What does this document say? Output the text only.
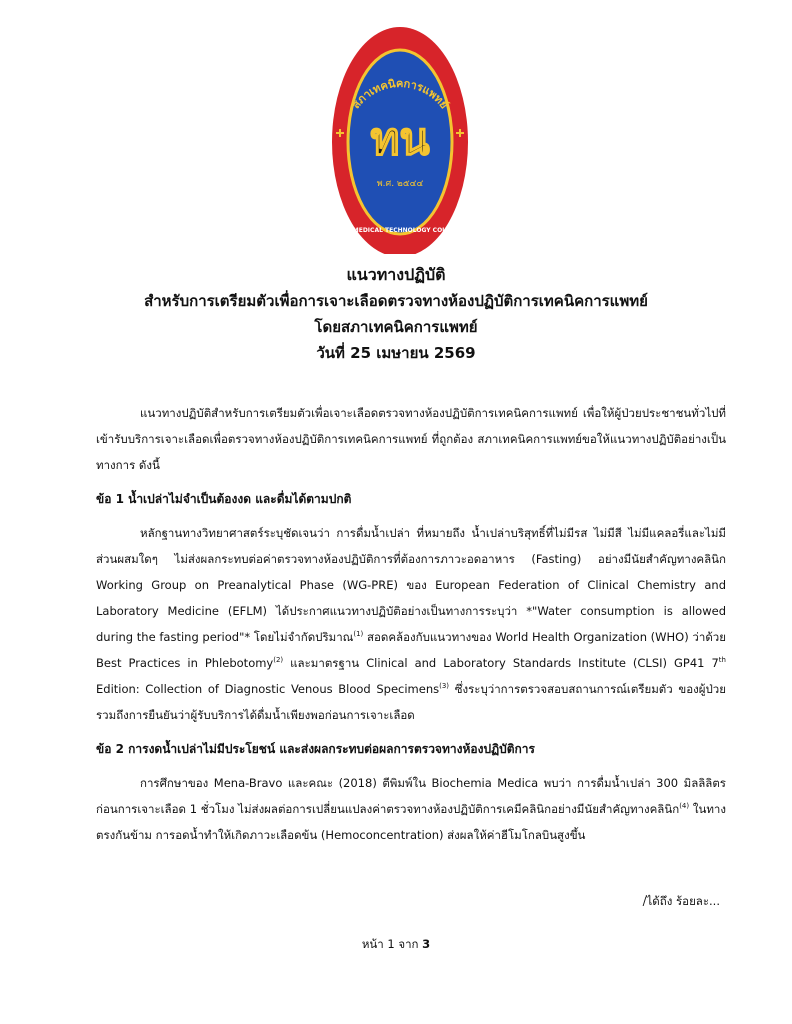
สภาเทคนิคการแพทย์
THE MEDICAL TECHNOLOGY COUNCIL
ทน
พ.ศ. ๒๕๔๔
แนวทางปฏิบัติ
สำหรับการเตรียมตัวเพื่อการเจาะเลือดตรวจทางห้องปฏิบัติการเทคนิคการแพทย์
โดยสภาเทคนิคการแพทย์
วันที่ 25 เมษายน 2569

แนวทางปฏิบัติสำหรับการเตรียมตัวเพื่อเจาะเลือดตรวจทางห้องปฏิบัติการเทคนิคการแพทย์ เพื่อให้ผู้ป่วยประชาชนทั่วไปที่เข้ารับบริการเจาะเลือดเพื่อตรวจทางห้องปฏิบัติการเทคนิคการแพทย์ ที่ถูกต้อง สภาเทคนิคการแพทย์ขอให้แนวทางปฏิบัติอย่างเป็นทางการ ดังนี้

ข้อ 1 น้ำเปล่าไม่จำเป็นต้องงด และดื่มได้ตามปกติ

หลักฐานทางวิทยาศาสตร์ระบุชัดเจนว่า การดื่มน้ำเปล่า ที่หมายถึง น้ำเปล่าบริสุทธิ์ที่ไม่มีรส ไม่มีสี ไม่มีแคลอรี่และไม่มีส่วนผสมใดๆ ไม่ส่งผลกระทบต่อค่าตรวจทางห้องปฏิบัติการที่ต้องการภาวะอดอาหาร (Fasting) อย่างมีนัยสำคัญทางคลินิก Working Group on Preanalytical Phase (WG-PRE) ของ European Federation of Clinical Chemistry and Laboratory Medicine (EFLM) ได้ประกาศแนวทางปฏิบัติอย่างเป็นทางการระบุว่า *"Water consumption is allowed during the fasting period"* โดยไม่จำกัดปริมาณ$^{(1)}$ สอดคล้องกับแนวทางของ World Health Organization (WHO) ว่าด้วย Best Practices in Phlebotomy$^{(2)}$ และมาตรฐาน Clinical and Laboratory Standards Institute (CLSI) GP41 7th Edition: Collection of Diagnostic Venous Blood Specimens$^{(3)}$ ซึ่งระบุว่าการตรวจสอบสถานการณ์เตรียมตัว ของผู้ป่วยรวมถึงการยืนยันว่าผู้รับบริการได้ดื่มน้ำเพียงพอก่อนการเจาะเลือด

ข้อ 2 การงดน้ำเปล่าไม่มีประโยชน์ และส่งผลกระทบต่อผลการตรวจทางห้องปฏิบัติการ

การศึกษาของ Mena-Bravo และคณะ (2018) ตีพิมพ์ใน Biochemia Medica พบว่า การดื่มน้ำเปล่า 300 มิลลิลิตร ก่อนการเจาะเลือด 1 ชั่วโมง ไม่ส่งผลต่อการเปลี่ยนแปลงค่าตรวจทางห้องปฏิบัติการเคมีคลินิกอย่างมีนัยสำคัญทางคลินิก$^{(4)}$ ในทางตรงกันข้าม การอดน้ำทำให้เกิดภาวะเลือดข้น (Hemoconcentration) ส่งผลให้ค่าฮีโมโกลบินสูงขึ้น

/ได้ถึง ร้อยละ...
หน้า 1 จาก 3
